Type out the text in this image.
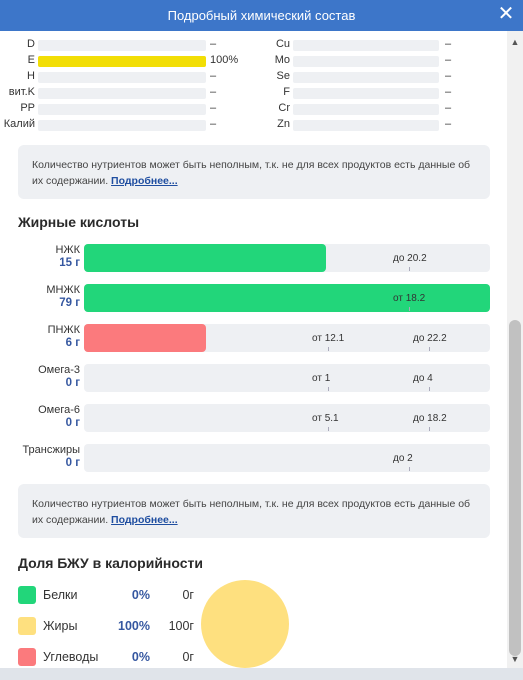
Подробный химический состав	✕
D	–
E	100%
H	–
вит.K	–
PP	–
Калий	–
Cu	–
Mo	–
Se	–
F	–
Cr	–
Zn	–
Количество нутриентов может быть неполным, т.к. не для всех продуктов есть данные об их содержании. Подробнее...
Жирные кислоты
НЖК
15 г	до 20.2
МНЖК
79 г	от 18.2
ПНЖК
6 г	от 12.1	до 22.2
Омега-3
0 г	от 1	до 4
Омега-6
0 г	от 5.1	до 18.2
Трансжиры
0 г	до 2
Количество нутриентов может быть неполным, т.к. не для всех продуктов есть данные об их содержании. Подробнее...
Доля БЖУ в калорийности
Белки	0%	0г
Жиры	100%	100г
Углеводы	0%	0г
▲
▼
